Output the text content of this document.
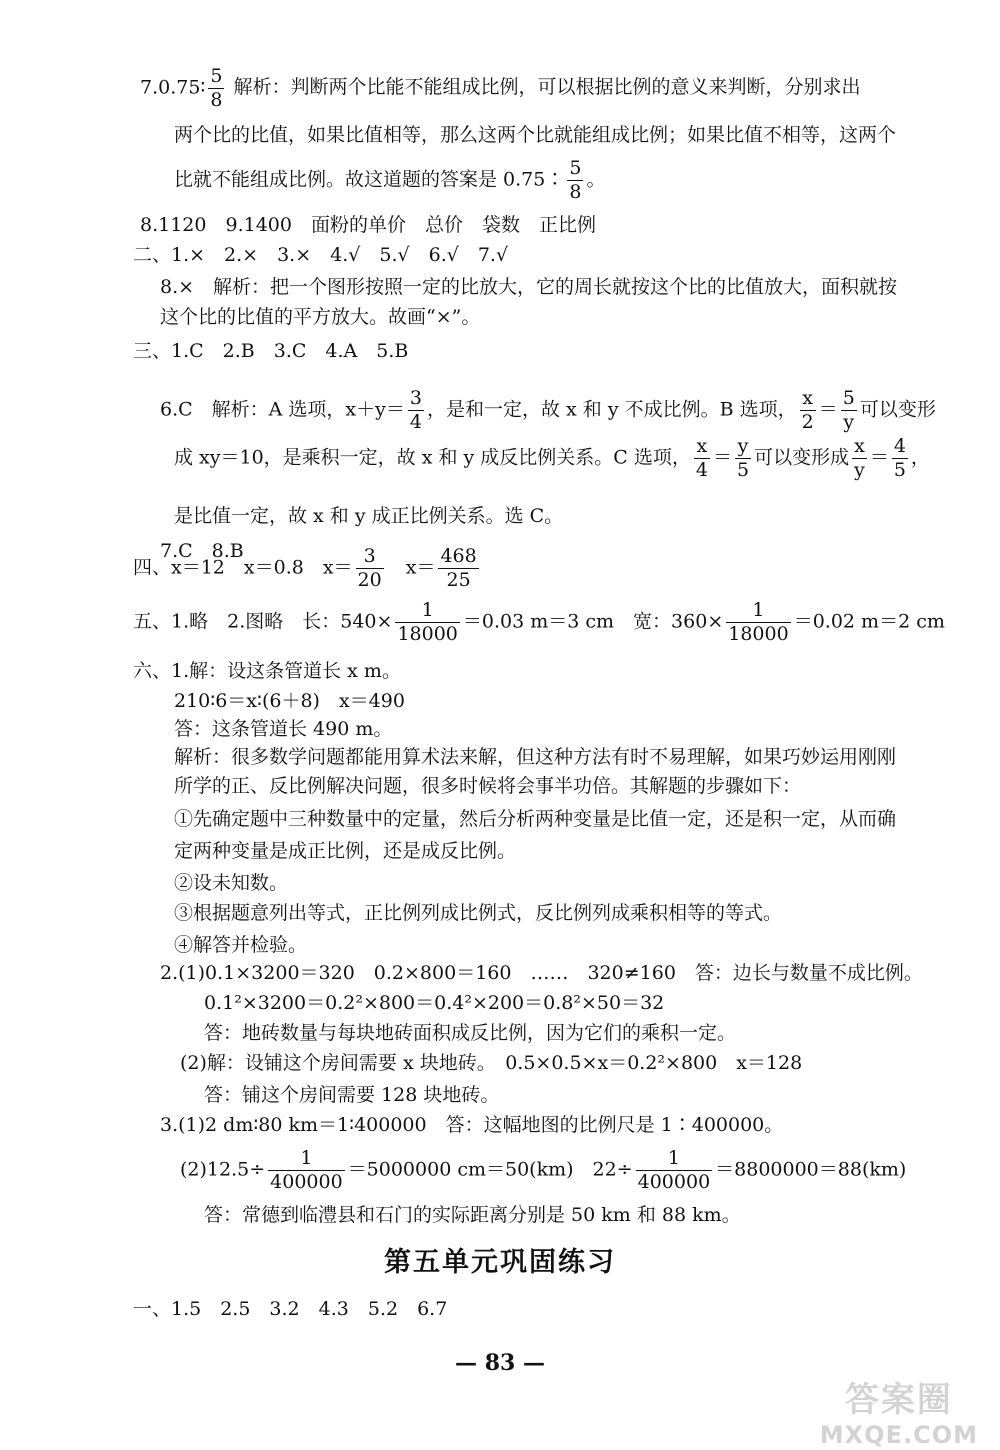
7.0.75∶ $\frac{5}{8}$ 解析：判断两个比能不能组成比例，可以根据比例的意义来判断，分别求出
两个比的比值，如果比值相等，那么这两个比就能组成比例；如果比值不相等，这两个
比就不能组成比例。故这道题的答案是 0.75∶ $\frac{5}{8}$ 。
8.1120　9.1400　面粉的单价　总价　袋数　正比例
二、1.×　2.×　3.×　4.√　5.√　6.√　7.√
8.×　解析：把一个图形按照一定的比放大，它的周长就按这个比的比值放大，面积就按
这个比的比值的平方放大。故画“×”。
三、1.C　2.B　3.C　4.A　5.B
6.C　解析：A 选项，$x+y= \frac{3}{4}$ ，是和一定，故 x 和 y 不成比例。B 选项， $\frac{x}{2} = \frac{5}{y}$ 可以变形
成 xy＝10，是乘积一定，故 x 和 y 成反比例关系。C 选项， $\frac{x}{4} = \frac{y}{5}$ 可以变形成 $\frac{x}{y} = \frac{4}{5}$ ，
是比值一定，故 x 和 y 成正比例关系。选 C。
7.C　8.B
四、x＝12　x＝0.8　$x= \frac{3}{20}$ 　$x= \frac{468}{25}$
五、1.略　2.图略　长：$540\times \frac{1}{18000} =0.03$ m＝3 cm　宽：$360\times \frac{1}{18000} =0.02$ m＝2 cm
六、1.解：设这条管道长 x m。
210∶6＝x∶(6＋8)　x＝490
答：这条管道长 490 m。
解析：很多数学问题都能用算术法来解，但这种方法有时不易理解，如果巧妙运用刚刚
所学的正、反比例解决问题，很多时候将会事半功倍。其解题的步骤如下：
①先确定题中三种数量中的定量，然后分析两种变量是比值一定，还是积一定，从而确
定两种变量是成正比例，还是成反比例。
②设未知数。
③根据题意列出等式，正比例列成比例式，反比例列成乘积相等的等式。
④解答并检验。
2.(1)0.1×3200＝320　0.2×800＝160　……　320≠160　答：边长与数量不成比例。
0.1²×3200＝0.2²×800＝0.4²×200＝0.8²×50＝32
答：地砖数量与每块地砖面积成反比例，因为它们的乘积一定。
(2)解：设铺这个房间需要 x 块地砖。　0.5×0.5×x＝0.2²×800　x＝128
答：铺这个房间需要 128 块地砖。
3.(1)2 dm∶80 km＝1∶400000　答：这幅地图的比例尺是 1∶400000。
$(2)12.5\div \frac{1}{400000} =5000000$ cm＝50(km)　$22\div \frac{1}{400000} =8800000=88(km)$
答：常德到临澧县和石门的实际距离分别是 50 km 和 88 km。
第五单元巩固练习
一、1.5　2.5　3.2　4.3　5.2　6.7
— 83 —
答案圈
MXQE.COM
